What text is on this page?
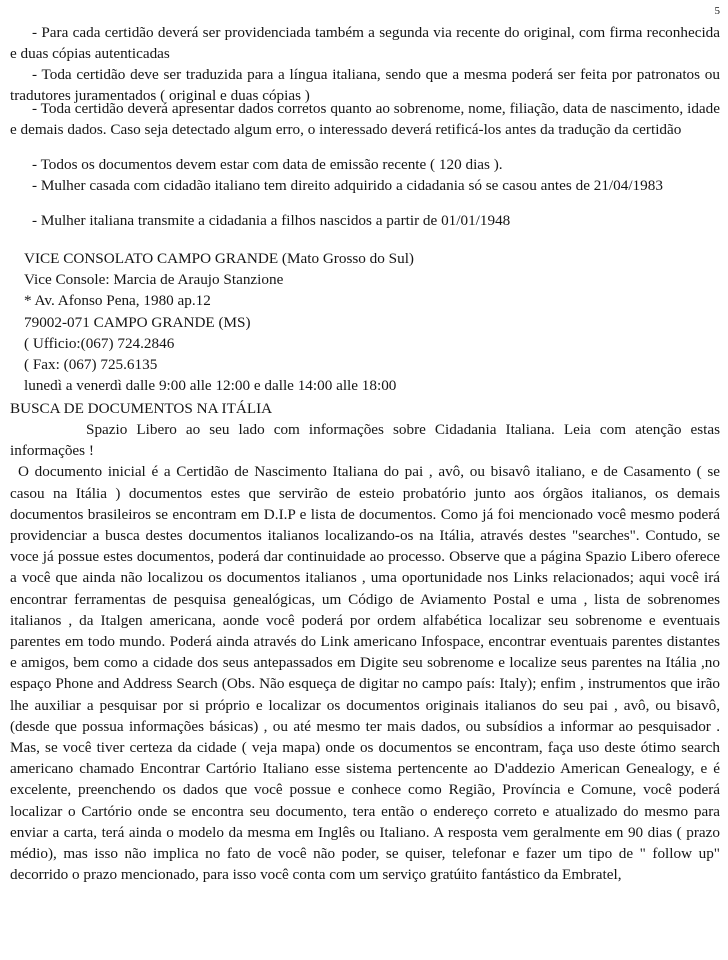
5
- Para cada certidão deverá ser providenciada também a segunda via recente do original, com firma reconhecida e duas cópias autenticadas
- Toda certidão deve ser traduzida para a língua italiana, sendo que a mesma poderá ser feita por patronatos ou tradutores juramentados ( original e duas cópias )
- Toda certidão deverá apresentar dados corretos quanto ao sobrenome, nome, filiação, data de nascimento, idade e demais dados. Caso seja detectado algum erro, o interessado deverá retificá-los antes da tradução da certidão
- Todos os documentos devem estar com data de emissão recente ( 120 dias ).
- Mulher casada com cidadão italiano tem direito adquirido a cidadania só se casou antes de 21/04/1983
- Mulher italiana transmite a cidadania a filhos nascidos a partir de 01/01/1948
VICE CONSOLATO CAMPO GRANDE (Mato Grosso do Sul)
Vice Console: Marcia de Araujo Stanzione
* Av. Afonso Pena, 1980 ap.12
79002-071 CAMPO GRANDE (MS)
( Ufficio:(067) 724.2846
( Fax: (067) 725.6135
lunedì a venerdì dalle 9:00 alle 12:00 e dalle 14:00 alle 18:00
BUSCA DE DOCUMENTOS NA ITÁLIA

Spazio Libero ao seu lado com informações sobre Cidadania Italiana. Leia com atenção estas informações !

O documento inicial é a Certidão de Nascimento Italiana do pai , avô, ou bisavô italiano, e de Casamento ( se casou na Itália ) documentos estes que servirão de esteio probatório junto aos órgãos italianos, os demais documentos brasileiros se encontram em D.I.P e lista de documentos. Como já foi mencionado você mesmo poderá providenciar a busca destes documentos italianos localizando-os na Itália, através destes "searches". Contudo, se voce já possue estes documentos, poderá dar continuidade ao processo. Observe que a página Spazio Libero oferece a você que ainda não localizou os documentos italianos , uma oportunidade nos Links relacionados; aqui você irá encontrar ferramentas de pesquisa genealógicas, um Código de Aviamento Postal e uma , lista de sobrenomes italianos , da Italgen americana, aonde você poderá por ordem alfabética localizar seu sobrenome e eventuais parentes em todo mundo. Poderá ainda através do Link americano Infospace, encontrar eventuais parentes distantes e amigos, bem como a cidade dos seus antepassados em Digite seu sobrenome e localize seus parentes na Itália ,no espaço Phone and Address Search (Obs. Não esqueça de digitar no campo país: Italy); enfim , instrumentos que irão lhe auxiliar a pesquisar por si próprio e localizar os documentos originais italianos do seu pai , avô, ou bisavô, (desde que possua informações básicas) , ou até mesmo ter mais dados, ou subsídios a informar ao pesquisador . Mas, se você tiver certeza da cidade ( veja mapa) onde os documentos se encontram, faça uso deste ótimo search americano chamado Encontrar Cartório Italiano esse sistema pertencente ao D'addezio American Genealogy, e é excelente, preenchendo os dados que você possue e conhece como Região, Província e Comune, você poderá localizar o Cartório onde se encontra seu documento, tera então o endereço correto e atualizado do mesmo para enviar a carta, terá ainda o modelo da mesma em Inglês ou Italiano. A resposta vem geralmente em 90 dias ( prazo médio), mas isso não implica no fato de você não poder, se quiser, telefonar e fazer um tipo de " follow up" decorrido o prazo mencionado, para isso você conta com um serviço gratúito fantástico da Embratel,
